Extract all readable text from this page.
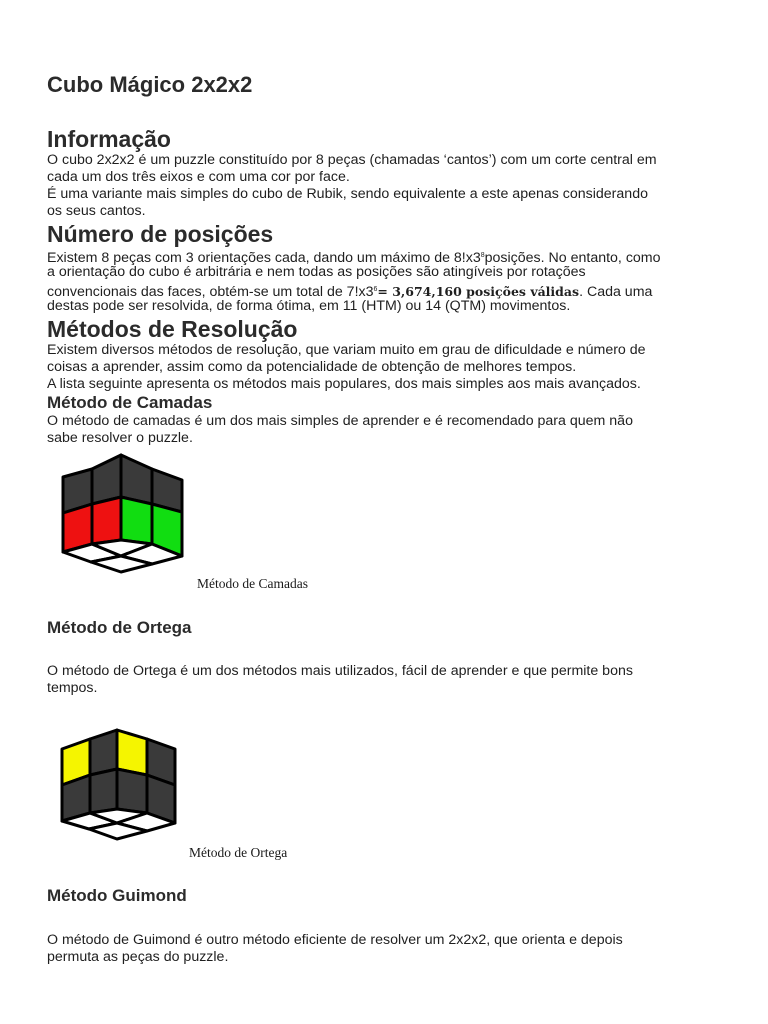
Cubo Mágico 2x2x2
Informação

O cubo 2x2x2 é um puzzle constituído por 8 peças (chamadas ‘cantos’) com um corte central em

cada um dos três eixos e com uma cor por face.

É uma variante mais simples do cubo de Rubik, sendo equivalente a este apenas considerando

os seus cantos.

Número de posições

Existem 8 peças com 3 orientações cada, dando um máximo de $8!x3^8posições$. No entanto, como

a orientação do cubo é arbitrária e nem todas as posições são atingíveis por rotações

convencionais das faces, obtém-se um total de $7!x3^6= 3,674,160$ posições válidas. Cada uma

destas pode ser resolvida, de forma ótima, em 11 (HTM) ou 14 (QTM) movimentos.

Métodos de Resolução

Existem diversos métodos de resolução, que variam muito em grau de dificuldade e número de

coisas a aprender, assim como da potencialidade de obtenção de melhores tempos.

A lista seguinte apresenta os métodos mais populares, dos mais simples aos mais avançados.

Método de Camadas

O método de camadas é um dos mais simples de aprender e é recomendado para quem não

sabe resolver o puzzle.

Método de Camadas
Método de Ortega

O método de Ortega é um dos métodos mais utilizados, fácil de aprender e que permite bons

tempos.

Método de Ortega
Método Guimond

O método de Guimond é outro método eficiente de resolver um 2x2x2, que orienta e depois

permuta as peças do puzzle.
